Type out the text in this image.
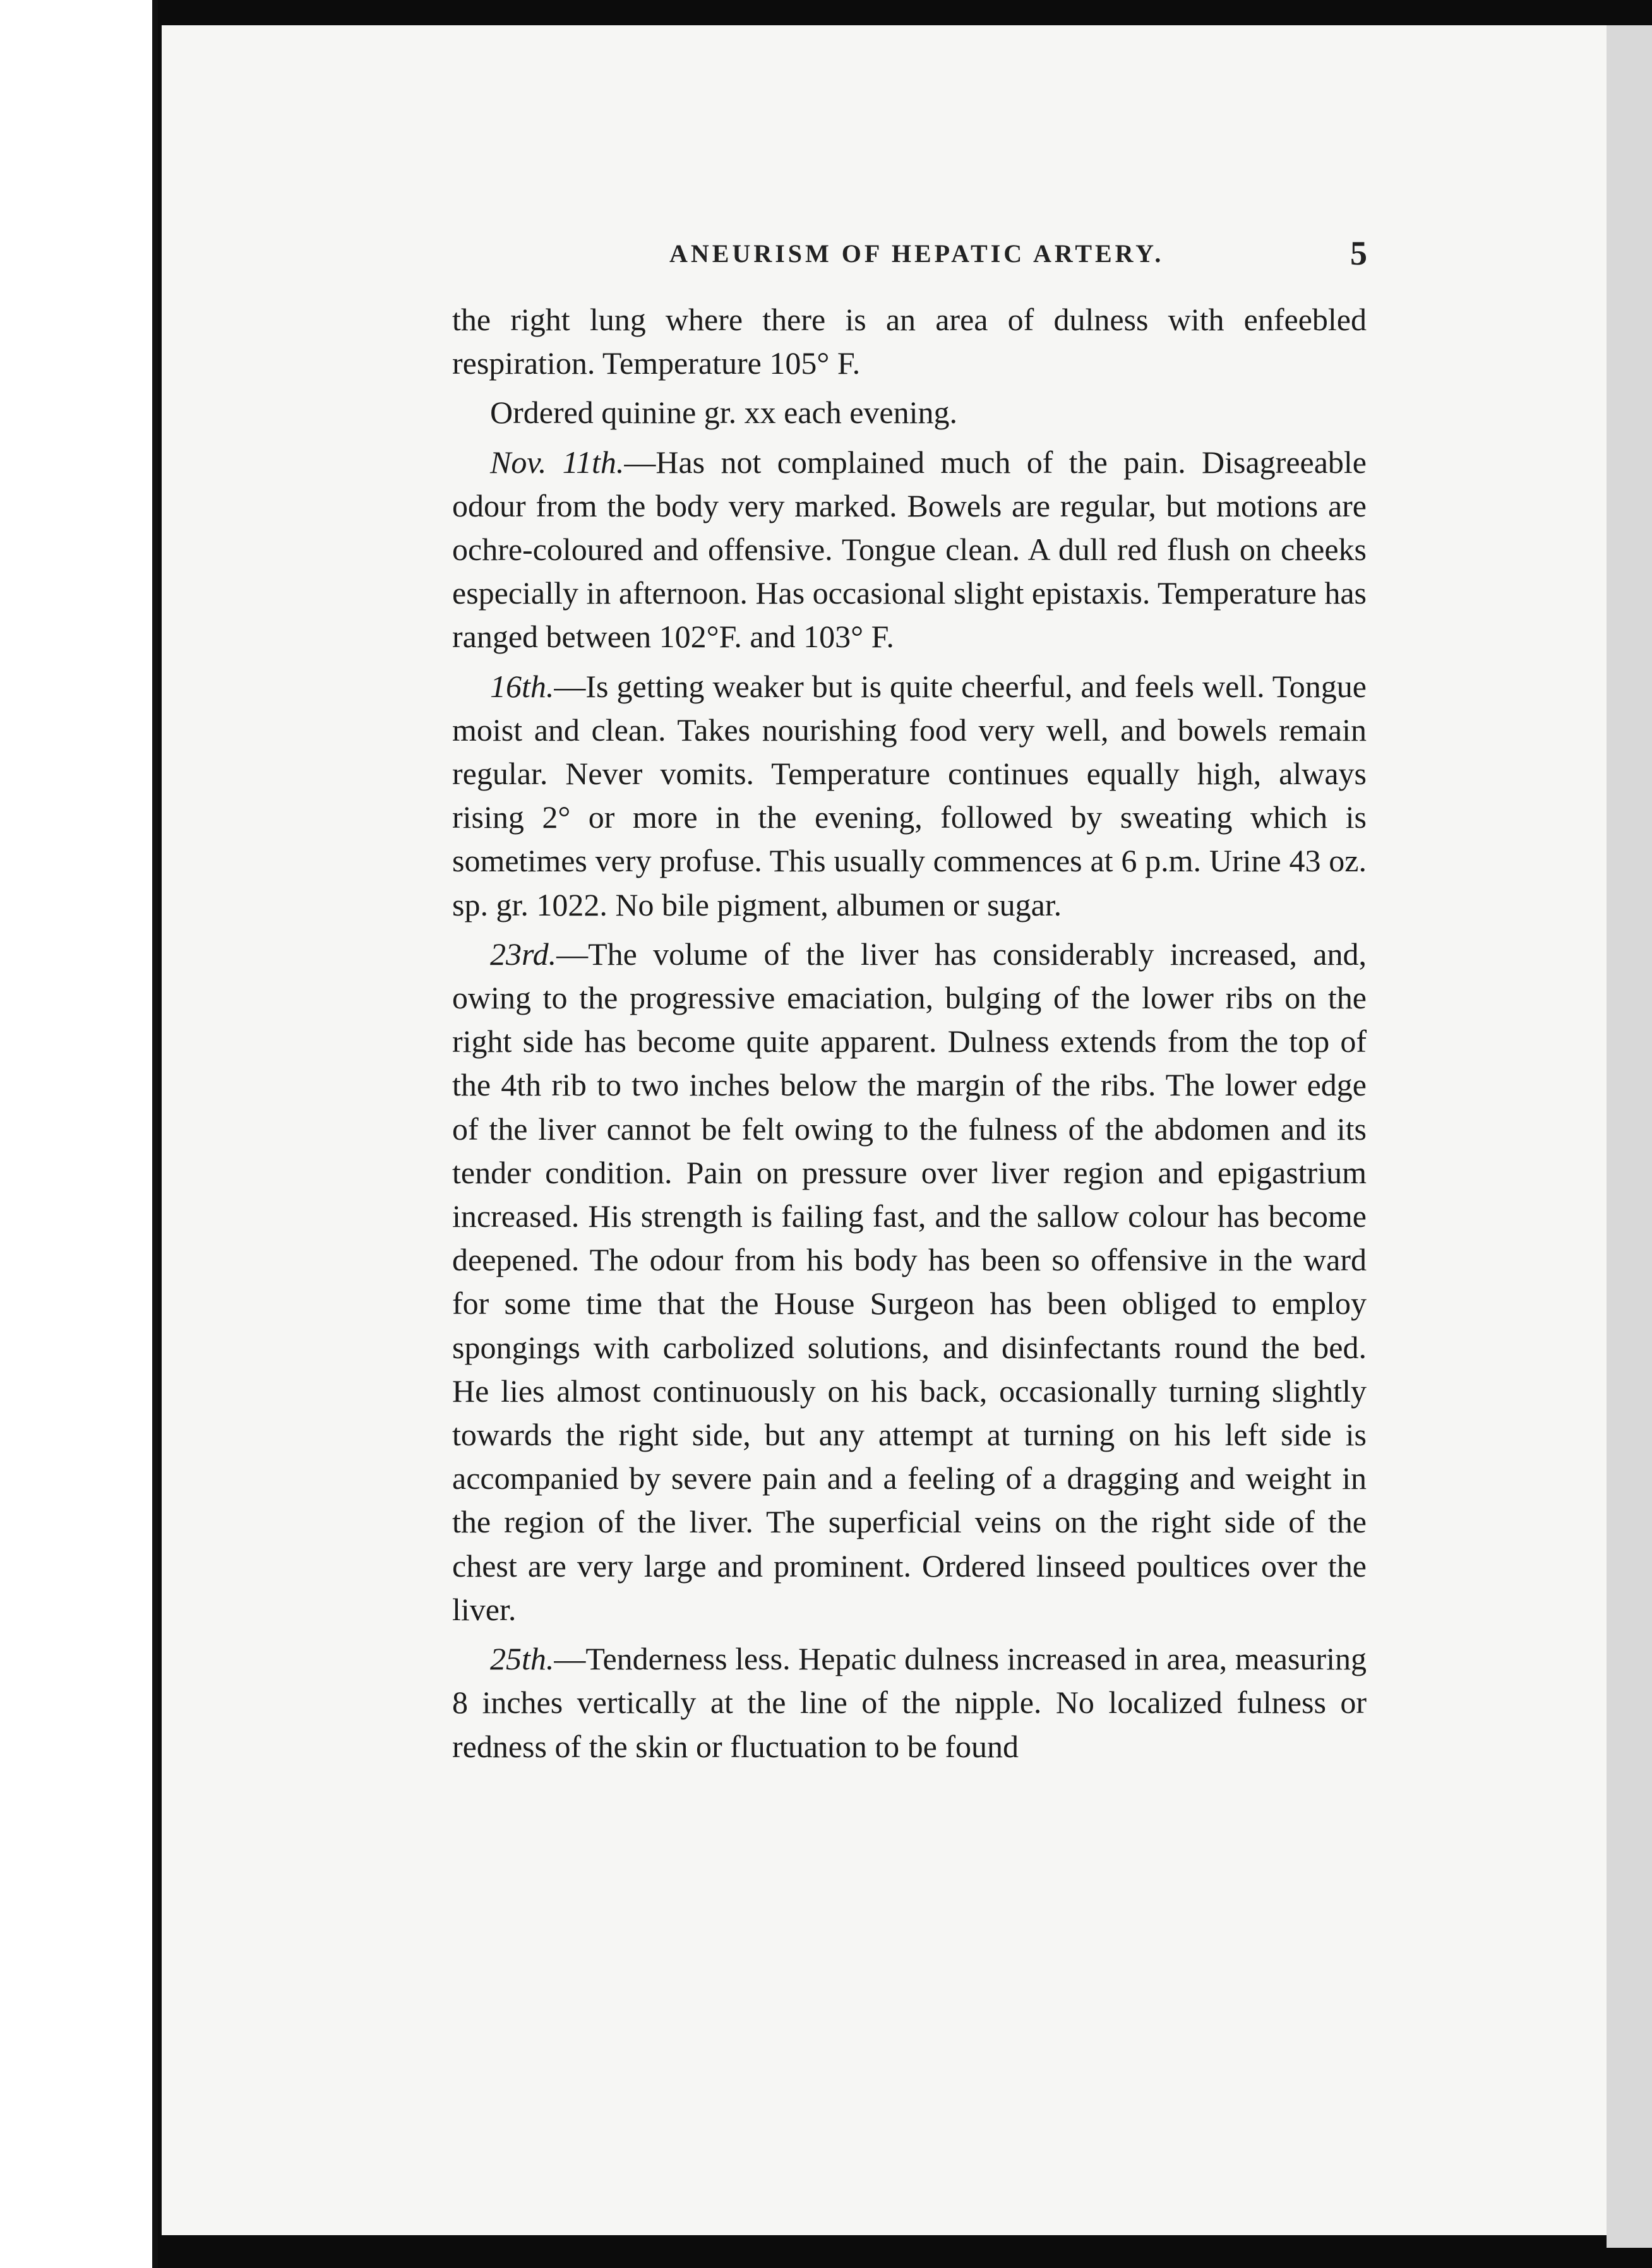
ANEURISM OF HEPATIC ARTERY.	5

the right lung where there is an area of dulness with enfeebled respiration. Temperature 105° F.

Ordered quinine gr. xx each evening.

Nov. 11th.—Has not complained much of the pain. Disagreeable odour from the body very marked. Bowels are regular, but motions are ochre-coloured and offensive. Tongue clean. A dull red flush on cheeks especially in afternoon. Has occasional slight epistaxis. Temperature has ranged between 102°F. and 103° F.

16th.—Is getting weaker but is quite cheerful, and feels well. Tongue moist and clean. Takes nourishing food very well, and bowels remain regular. Never vomits. Temperature continues equally high, always rising 2° or more in the evening, followed by sweating which is sometimes very profuse. This usually commences at 6 p.m. Urine 43 oz. sp. gr. 1022. No bile pigment, albumen or sugar.

23rd.—The volume of the liver has considerably increased, and, owing to the progressive emaciation, bulging of the lower ribs on the right side has become quite apparent. Dulness extends from the top of the 4th rib to two inches below the margin of the ribs. The lower edge of the liver cannot be felt owing to the fulness of the abdomen and its tender condition. Pain on pressure over liver region and epigastrium increased. His strength is failing fast, and the sallow colour has become deepened. The odour from his body has been so offensive in the ward for some time that the House Surgeon has been obliged to employ spongings with carbolized solutions, and disinfectants round the bed. He lies almost continuously on his back, occasionally turning slightly towards the right side, but any attempt at turning on his left side is accompanied by severe pain and a feeling of a dragging and weight in the region of the liver. The superficial veins on the right side of the chest are very large and prominent. Ordered linseed poultices over the liver.

25th.—Tenderness less. Hepatic dulness increased in area, measuring 8 inches vertically at the line of the nipple. No localized fulness or redness of the skin or fluctuation to be found
